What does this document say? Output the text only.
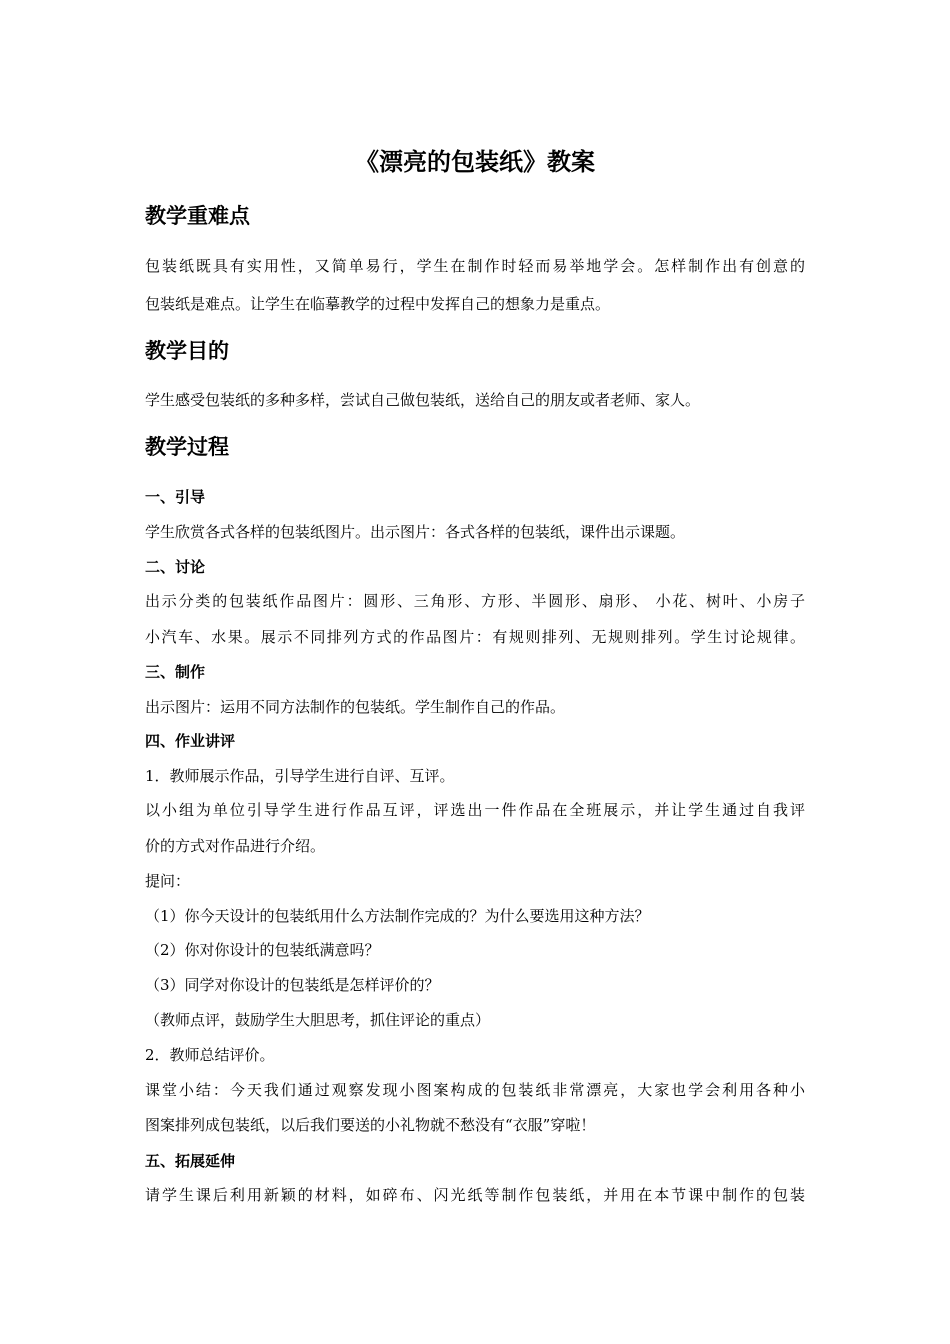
《漂亮的包装纸》教案
教学重难点
包装纸既具有实用性，又简单易行，学生在制作时轻而易举地学会。怎样制作出有创意的
包装纸是难点。让学生在临摹教学的过程中发挥自己的想象力是重点。
教学目的
学生感受包装纸的多种多样，尝试自己做包装纸，送给自己的朋友或者老师、家人。
教学过程
一、引导
学生欣赏各式各样的包装纸图片。出示图片：各式各样的包装纸，课件出示课题。
二、讨论
出示分类的包装纸作品图片：圆形、三角形、方形、半圆形、扇形、 小花、树叶、小房子
小汽车、水果。展示不同排列方式的作品图片：有规则排列、无规则排列。学生讨论规律。
三、制作
出示图片：运用不同方法制作的包装纸。学生制作自己的作品。
四、作业讲评
1．教师展示作品，引导学生进行自评、互评。
以小组为单位引导学生进行作品互评，评选出一件作品在全班展示，并让学生通过自我评
价的方式对作品进行介绍。
提问：
（1）你今天设计的包装纸用什么方法制作完成的？为什么要选用这种方法？
（2）你对你设计的包装纸满意吗？
（3）同学对你设计的包装纸是怎样评价的？
（教师点评，鼓励学生大胆思考，抓住评论的重点）
2．教师总结评价。
课堂小结：今天我们通过观察发现小图案构成的包装纸非常漂亮，大家也学会利用各种小
图案排列成包装纸，以后我们要送的小礼物就不愁没有“衣服”穿啦！
五、拓展延伸
请学生课后利用新颖的材料，如碎布、闪光纸等制作包装纸，并用在本节课中制作的包装
